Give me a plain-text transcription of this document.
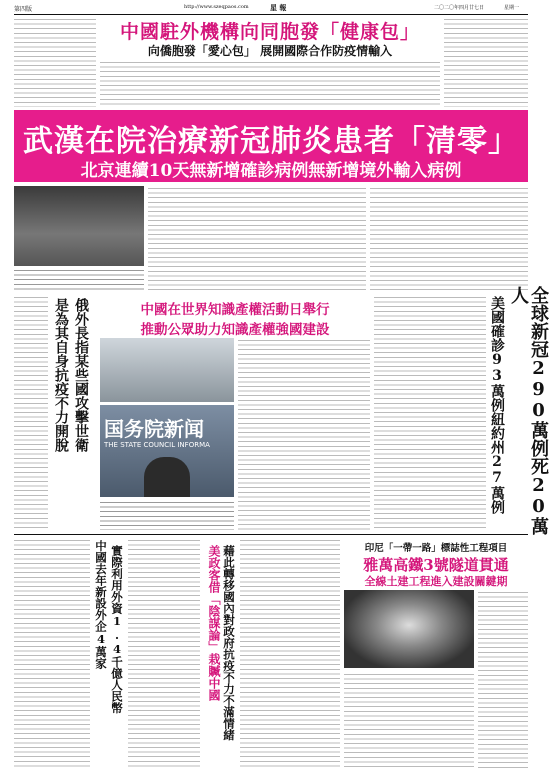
第四版	http://www.szeqpaos.com	星 報	二〇二〇年四月廿七日	星期一
中國駐外機構向同胞發「健康包」
向僑胞發「愛心包」 展開國際合作防疫情輸入
武漢在院治療新冠肺炎患者「清零」
北京連續10天無新增確診病例無新增境外輸入病例
是為其自身抗疫不力開脫 俄外長指某些國攻擊世衛	中國在世界知識產權活動日舉行
推動公眾助力知識產權強國建設
国务院新闻
THE STATE COUNCIL INFORMA	全球新冠290萬例死20萬人
美國確診93萬例紐約州27萬例
中國去年新設外企4萬家 實際利用外資1.4千億人民幣	美政客借「陰謀論」栽贓中國 藉此轉移國內對政府抗疫不力不滿情緒	印尼「一帶一路」標誌性工程項目
雅萬高鐵3號隧道貫通
全線土建工程進入建設關鍵期
